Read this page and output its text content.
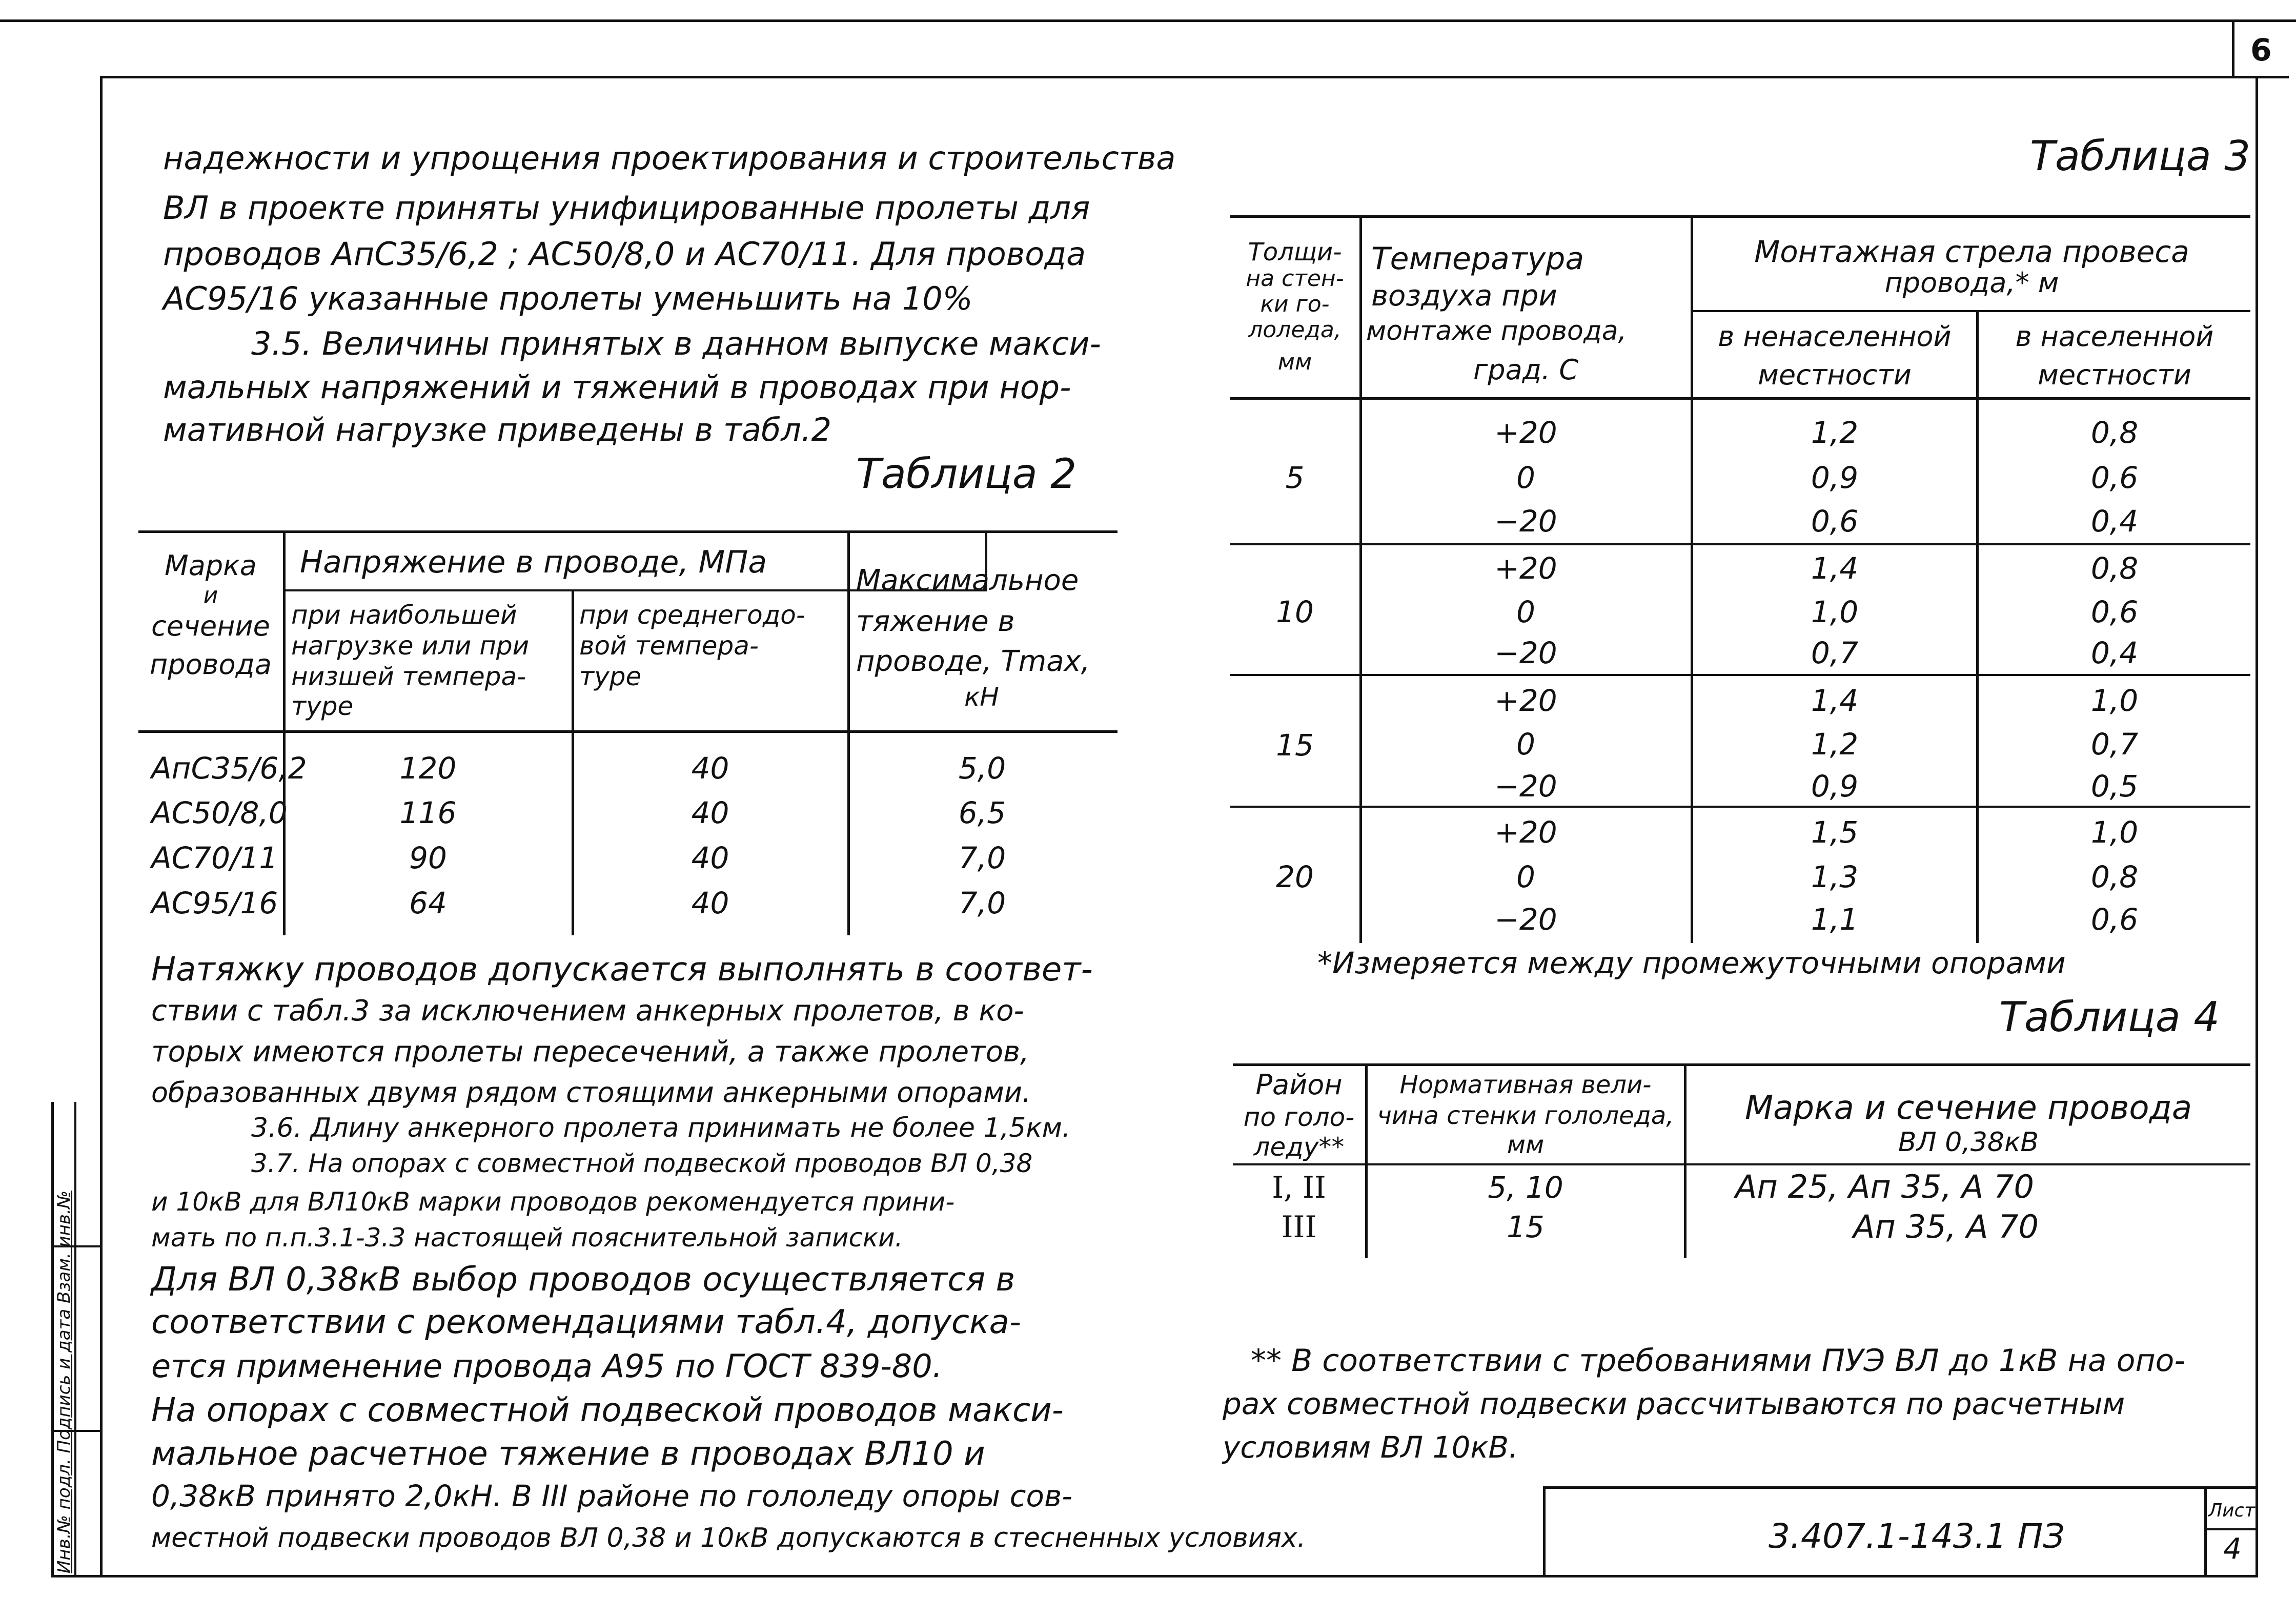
6
Инв.№ подл. Подпись и дата Взам. инв.№
надежности и упрощения проектирования и строительства
ВЛ в проекте приняты унифицированные пролеты для
проводов АпС35/6,2 ; АС50/8,0 и АС70/11. Для провода
АС95/16 указанные пролеты уменьшить на 10%
3.5. Величины принятых в данном выпуске макси-
мальных напряжений и тяжений в проводах при нор-
мативной нагрузке приведены в табл.2
Таблица 2
Марка
и
сечение
провода
Напряжение в проводе, МПа
при наибольшей
нагрузке или при
низшей темпера-
туре
при среднегодо-
вой темпера-
туре
Максимальное
тяжение в
проводе, Tmax,
кН
АпС35/6,2	120	40	5,0
АС50/8,0	116	40	6,5
АС70/11	90	40	7,0
АС95/16	64	40	7,0
Натяжку проводов допускается выполнять в соответ-
ствии с табл.3 за исключением анкерных пролетов, в ко-
торых имеются пролеты пересечений, а также пролетов,
образованных двумя рядом стоящими анкерными опорами.
3.6. Длину анкерного пролета принимать не более 1,5км.
3.7. На опорах с совместной подвеской проводов ВЛ 0,38
и 10кВ для ВЛ10кВ марки проводов рекомендуется прини-
мать по п.п.3.1-3.3 настоящей пояснительной записки.
Для ВЛ 0,38кВ выбор проводов осуществляется в
соответствии с рекомендациями табл.4, допуска-
ется применение провода А95 по ГОСТ 839-80.
На опорах с совместной подвеской проводов макси-
мальное расчетное тяжение в проводах ВЛ10 и
0,38кВ принято 2,0кН. В III районе по гололеду опоры сов-
местной подвески проводов ВЛ 0,38 и 10кВ допускаются в стесненных условиях.
Таблица 3
Толщи-
на стен-
ки го-
лоледа,
мм
Температура
воздуха при
монтаже провода,
град. С
Монтажная стрела провеса
провода,* м
в ненаселенной
местности
в населенной
местности
5
+20	1,2	0,8
0	0,9	0,6
−20	0,6	0,4
10
+20	1,4	0,8
0	1,0	0,6
−20	0,7	0,4
15
+20	1,4	1,0
0	1,2	0,7
−20	0,9	0,5
20
+20	1,5	1,0
0	1,3	0,8
−20	1,1	0,6
*Измеряется между промежуточными опорами
Таблица 4
Район
по голо-
леду**
Нормативная вели-
чина стенки гололеда,
мм
Марка и сечение провода
ВЛ 0,38кВ
I, II	5, 10	Ап 25, Ап 35, А 70
III	15	Ап 35, А 70
** В соответствии с требованиями ПУЭ ВЛ до 1кВ на опо-
рах совместной подвески рассчитываются по расчетным
условиям ВЛ 10кВ.
3.407.1-143.1 ПЗ
Лист
4
